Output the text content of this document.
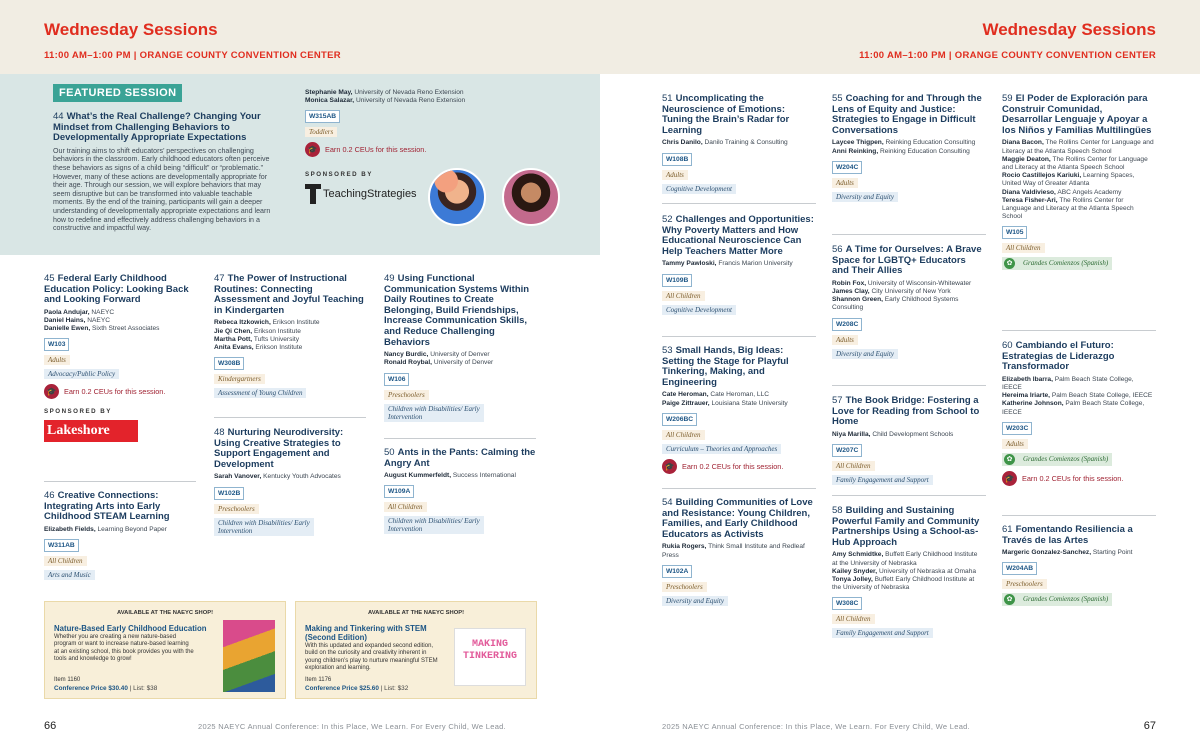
Wednesday Sessions
11:00 AM–1:00 PM | ORANGE COUNTY CONVENTION CENTER
FEATURED SESSION
44 What’s the Real Challenge? Changing Your Mindset from Challenging Behaviors to Developmentally Appropriate Expectations
Our training aims to shift educators’ perspectives on challenging behaviors in the classroom. Early childhood educators often perceive these behaviors as signs of a child being “difficult” or “problematic.” However, many of these actions are developmentally appropriate for their age. Through our session, we will explore behaviors that may seem disruptive but can be transformed into valuable teachable moments. By the end of the training, participants will gain a deeper understanding of developmentally appropriate expectations and learn how to redefine and effectively address challenging behaviors in a constructive and impactful way.
Stephanie May, University of Nevada Reno Extension
Monica Salazar, University of Nevada Reno Extension
W315AB
Toddlers
🎓	Earn 0.2 CEUs for this session.
SPONSORED BY
TeachingStrategies
45 Federal Early Childhood Education Policy: Looking Back and Looking Forward
Paola Andujar, NAEYC
Daniel Hains, NAEYC
Danielle Ewen, Sixth Street Associates
W103
Adults
Advocacy/Public Policy
🎓	Earn 0.2 CEUs for this session.
SPONSORED BY
Lakeshore
46 Creative Connections: Integrating Arts into Early Childhood STEAM Learning
Elizabeth Fields, Learning Beyond Paper
W311AB
All Children
Arts and Music
47 The Power of Instructional Routines: Connecting Assessment and Joyful Teaching in Kindergarten
Rebeca Itzkowich, Erikson Institute
Jie Qi Chen, Erikson Institute
Martha Pott, Tufts University
Anita Evans, Erikson Institute
W308B
Kindergartners
Assessment of Young Children
48 Nurturing Neurodiversity: Using Creative Strategies to Support Engagement and Development
Sarah Vanover, Kentucky Youth Advocates
W102B
Preschoolers
Children with Disabilities/ Early Intervention
49 Using Functional Communication Systems Within Daily Routines to Create Belonging, Build Friendships, Increase Communication Skills, and Reduce Challenging Behaviors
Nancy Burdic, University of Denver
Ronald Roybal, University of Denver
W106
Preschoolers
Children with Disabilities/ Early Intervention
50 Ants in the Pants: Calming the Angry Ant
August Kummerfeldt, Success International
W109A
All Children
Children with Disabilities/ Early Intervention
AVAILABLE AT THE NAEYC SHOP!
Nature-Based Early Childhood Education
Whether you are creating a new nature-based program or want to increase nature-based learning at an existing school, this book provides you with the tools and knowledge to grow!
Item 1160
Conference Price $30.40 | List: $38
AVAILABLE AT THE NAEYC SHOP!
Making and Tinkering with STEM (Second Edition)
With this updated and expanded second edition, build on the curiosity and creativity inherent in young children’s play to nurture meaningful STEM exploration and learning.
Item 1176
Conference Price $25.60 | List: $32
MAKING TINKERING
66	2025 NAEYC Annual Conference: In this Place, We Learn. For Every Child, We Lead.
Wednesday Sessions
11:00 AM–1:00 PM | ORANGE COUNTY CONVENTION CENTER
51 Uncomplicating the Neuroscience of Emotions: Tuning the Brain’s Radar for Learning
Chris Danilo, Danilo Training & Consulting
W108B
Adults
Cognitive Development
52 Challenges and Opportunities: Why Poverty Matters and How Educational Neuroscience Can Help Teachers Matter More
Tammy Pawloski, Francis Marion University
W109B
All Children
Cognitive Development
53 Small Hands, Big Ideas: Setting the Stage for Playful Tinkering, Making, and Engineering
Cate Heroman, Cate Heroman, LLC
Paige Zittrauer, Louisiana State University
W206BC
All Children
Curriculum – Theories and Approaches
🎓	Earn 0.2 CEUs for this session.
54 Building Communities of Love and Resistance: Young Children, Families, and Early Childhood Educators as Activists
Rukia Rogers, Think Small Institute and Redleaf Press
W102A
Preschoolers
Diversity and Equity
55 Coaching for and Through the Lens of Equity and Justice: Strategies to Engage in Difficult Conversations
Laycee Thigpen, Reinking Education Consulting
Anni Reinking, Reinking Education Consulting
W204C
Adults
Diversity and Equity
56 A Time for Ourselves: A Brave Space for LGBTQ+ Educators and Their Allies
Robin Fox, University of Wisconsin-Whitewater
James Clay, City University of New York
Shannon Green, Early Childhood Systems Consulting
W208C
Adults
Diversity and Equity
57 The Book Bridge: Fostering a Love for Reading from School to Home
Niya Marilla, Child Development Schools
W207C
All Children
Family Engagement and Support
58 Building and Sustaining Powerful Family and Community Partnerships Using a School-as-Hub Approach
Amy Schmidtke, Buffett Early Childhood Institute at the University of Nebraska
Kailey Snyder, University of Nebraska at Omaha
Tonya Jolley, Buffett Early Childhood Institute at the University of Nebraska
W308C
All Children
Family Engagement and Support
59 El Poder de Exploración para Construir Comunidad, Desarrollar Lenguaje y Apoyar a los Niños y Familias Multilingües
Diana Bacon, The Rollins Center for Language and Literacy at the Atlanta Speech School
Maggie Deaton, The Rollins Center for Language and Literacy at the Atlanta Speech School
Rocio Castillejos Kariuki, Learning Spaces, United Way of Greater Atlanta
Diana Valdivieso, ABC Angels Academy
Teresa Fisher-Ari, The Rollins Center for Language and Literacy at the Atlanta Speech School
W105
All Children
✿ Grandes Comienzos (Spanish)
60 Cambiando el Futuro: Estrategias de Liderazgo Transformador
Elizabeth Ibarra, Palm Beach State College, IEECE
Hereima Iriarte, Palm Beach State College, IEECE
Katherine Johnson, Palm Beach State College, IEECE
W203C
Adults
✿ Grandes Comienzos (Spanish)
🎓	Earn 0.2 CEUs for this session.
61 Fomentando Resiliencia a Través de las Artes
Margeric Gonzalez-Sanchez, Starting Point
W204AB
Preschoolers
✿ Grandes Comienzos (Spanish)
2025 NAEYC Annual Conference: In this Place, We Learn. For Every Child, We Lead.	67
